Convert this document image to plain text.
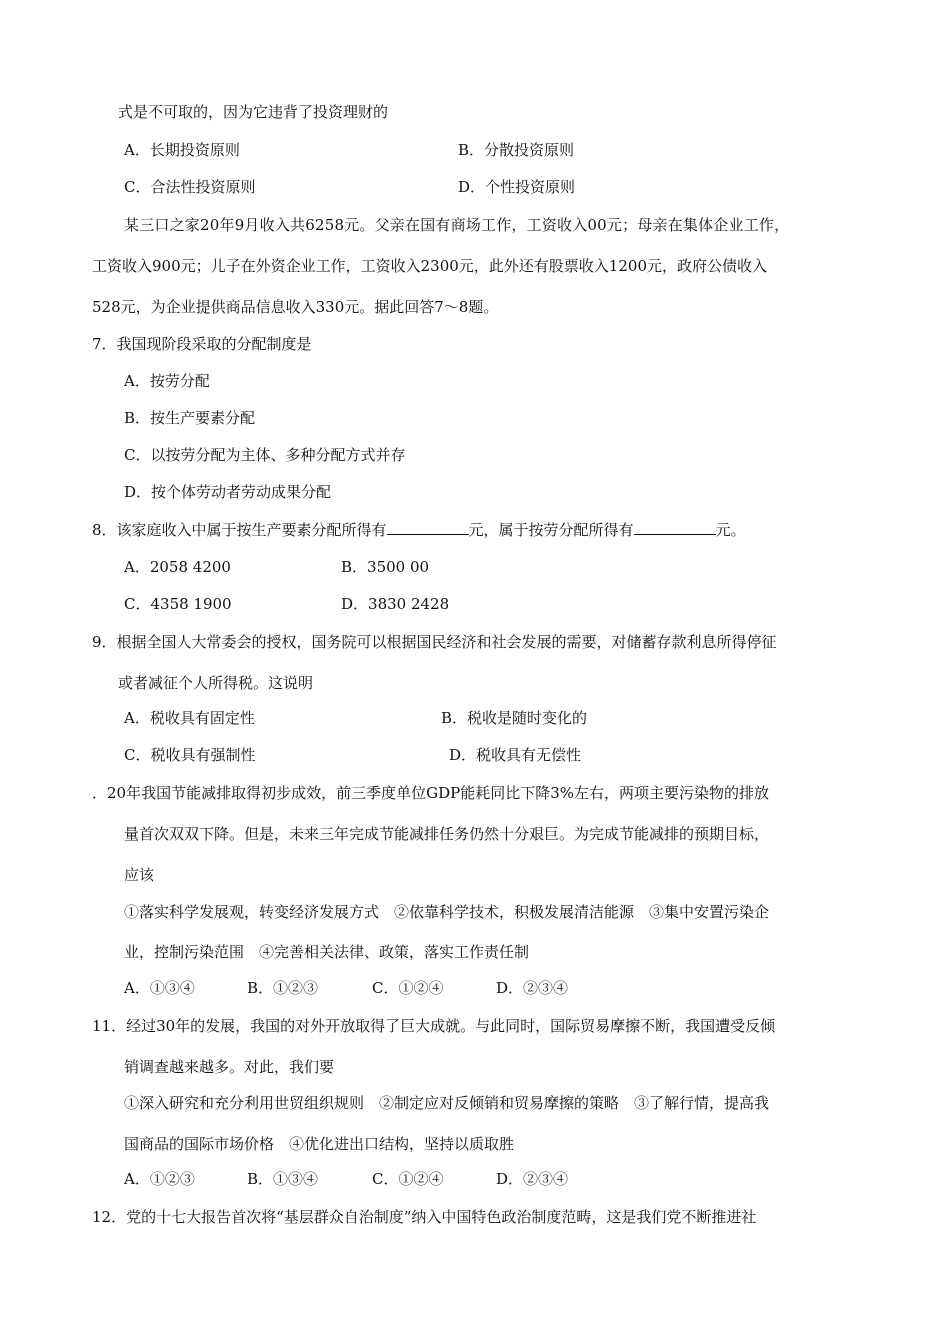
式是不可取的，因为它违背了投资理财的
A．长期投资原则	B．分散投资原则
C．合法性投资原则	D．个性投资原则
某三口之家20年9月收入共6258元。父亲在国有商场工作，工资收入00元；母亲在集体企业工作，
工资收入900元；儿子在外资企业工作，工资收入2300元，此外还有股票收入1200元，政府公债收入
528元，为企业提供商品信息收入330元。据此回答7～8题。
7．我国现阶段采取的分配制度是
A．按劳分配
B．按生产要素分配
C．以按劳分配为主体、多种分配方式并存
D．按个体劳动者劳动成果分配
8．该家庭收入中属于按生产要素分配所得有	元，属于按劳分配所得有	元。
A．2058 4200	B．3500 00
C．4358 1900	D．3830 2428
9．根据全国人大常委会的授权，国务院可以根据国民经济和社会发展的需要，对储蓄存款利息所得停征
或者减征个人所得税。这说明
A．税收具有固定性	B．税收是随时变化的
C．税收具有强制性	D．税收具有无偿性
．20年我国节能减排取得初步成效，前三季度单位GDP能耗同比下降3%左右，两项主要污染物的排放
量首次双双下降。但是，未来三年完成节能减排任务仍然十分艰巨。为完成节能减排的预期目标，
应该
①落实科学发展观，转变经济发展方式　②依靠科学技术，积极发展清洁能源　③集中安置污染企
业，控制污染范围　④完善相关法律、政策，落实工作责任制
A．①③④	B．①②③	C．①②④	D．②③④
11．经过30年的发展，我国的对外开放取得了巨大成就。与此同时，国际贸易摩擦不断，我国遭受反倾
销调查越来越多。对此，我们要
①深入研究和充分利用世贸组织规则　②制定应对反倾销和贸易摩擦的策略　③了解行情，提高我
国商品的国际市场价格　④优化进出口结构，坚持以质取胜
A．①②③	B．①③④	C．①②④	D．②③④
12．党的十七大报告首次将“基层群众自治制度”纳入中国特色政治制度范畴，这是我们党不断推进社
